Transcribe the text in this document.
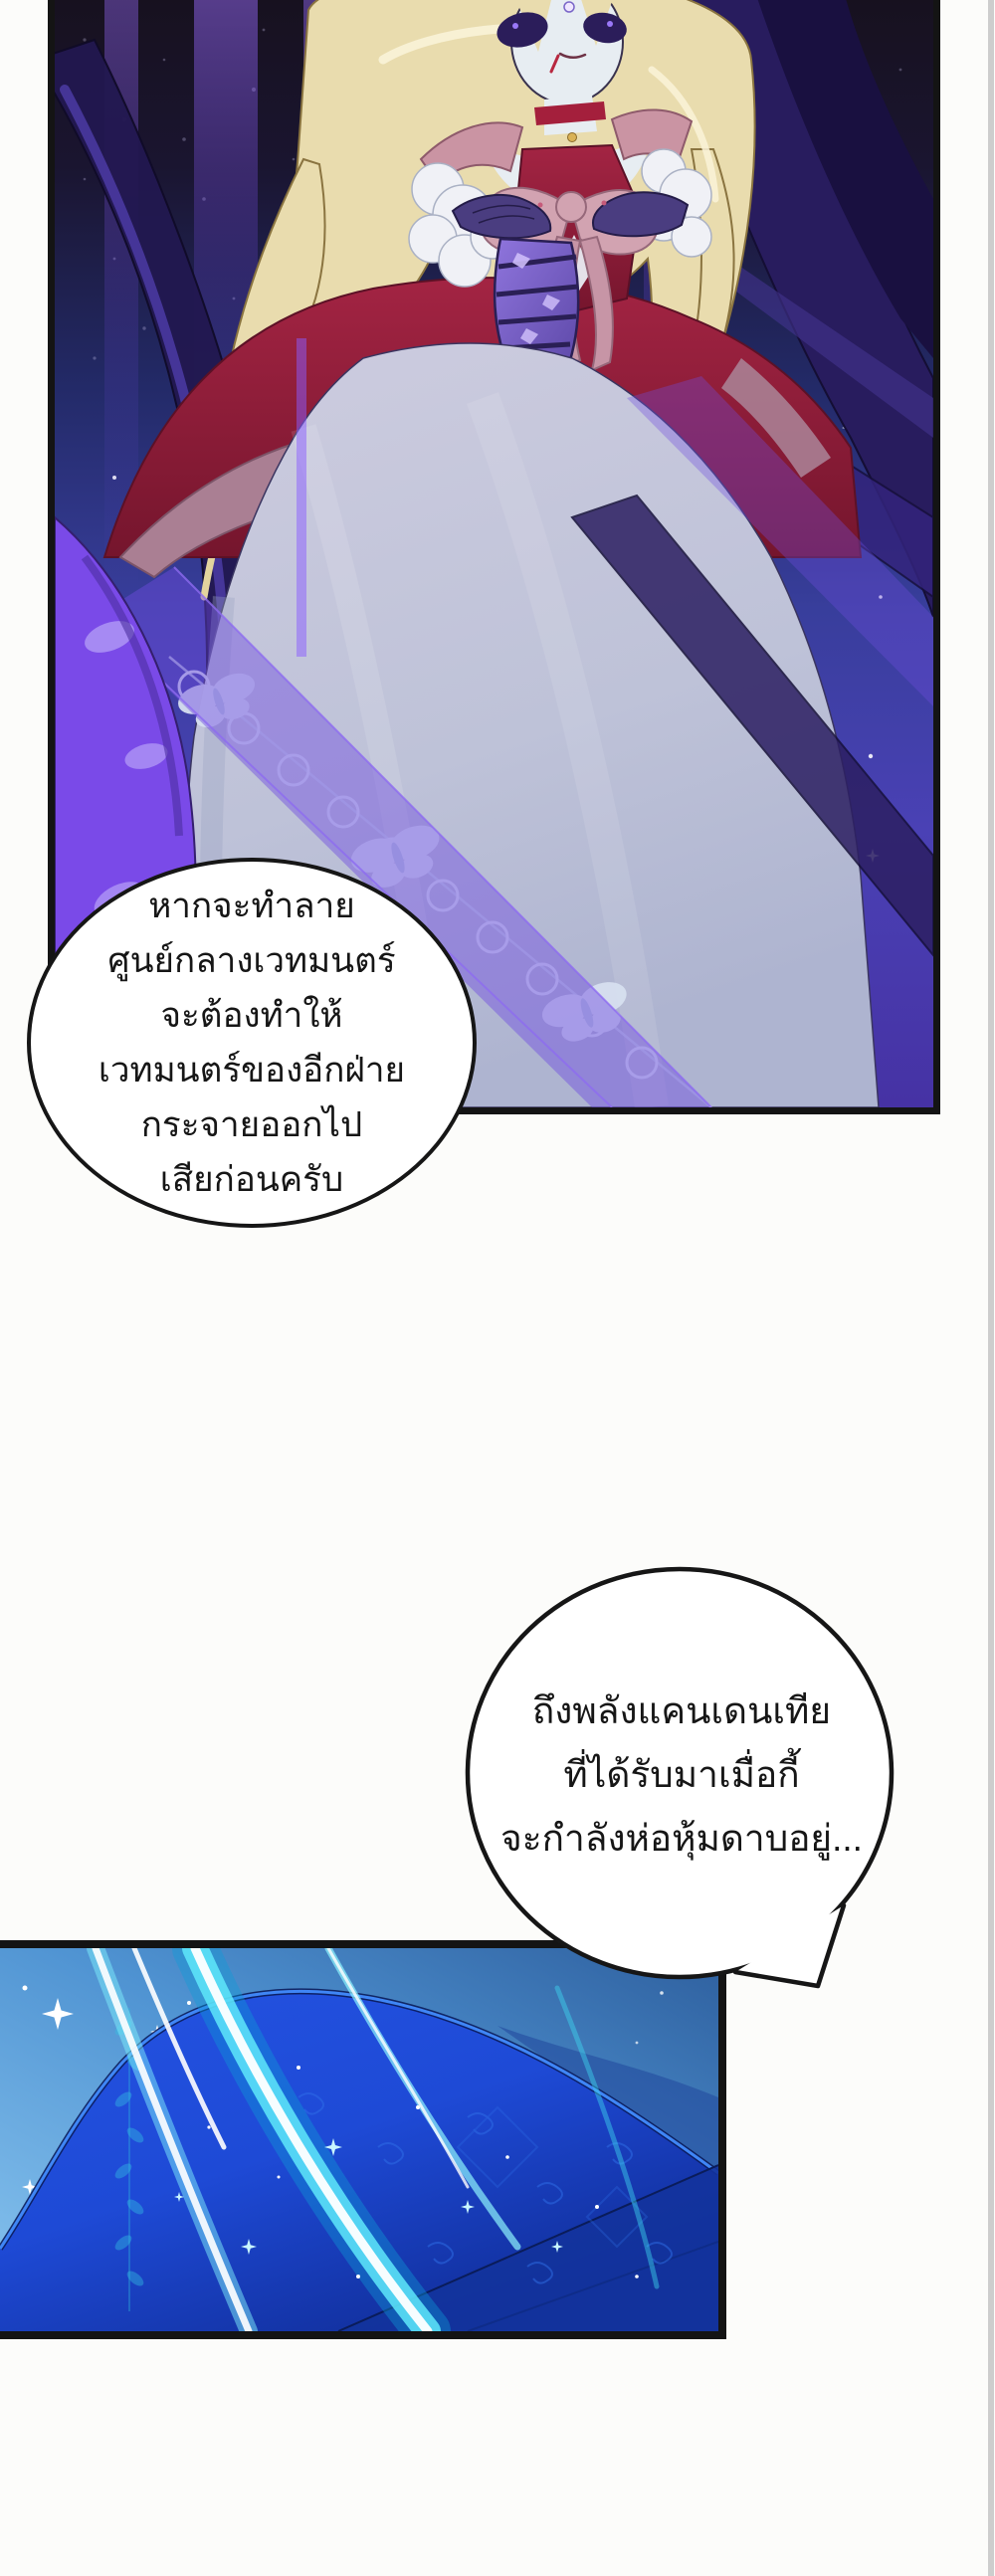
หากจะทำลาย
ศูนย์กลางเวทมนตร์
จะต้องทำให้
เวทมนตร์ของอีกฝ่าย
กระจายออกไป
เสียก่อนครับ
ถึงพลังแคนเดนเทีย
ที่ได้รับมาเมื่อกี้
จะกำลังห่อหุ้มดาบอยู่...
